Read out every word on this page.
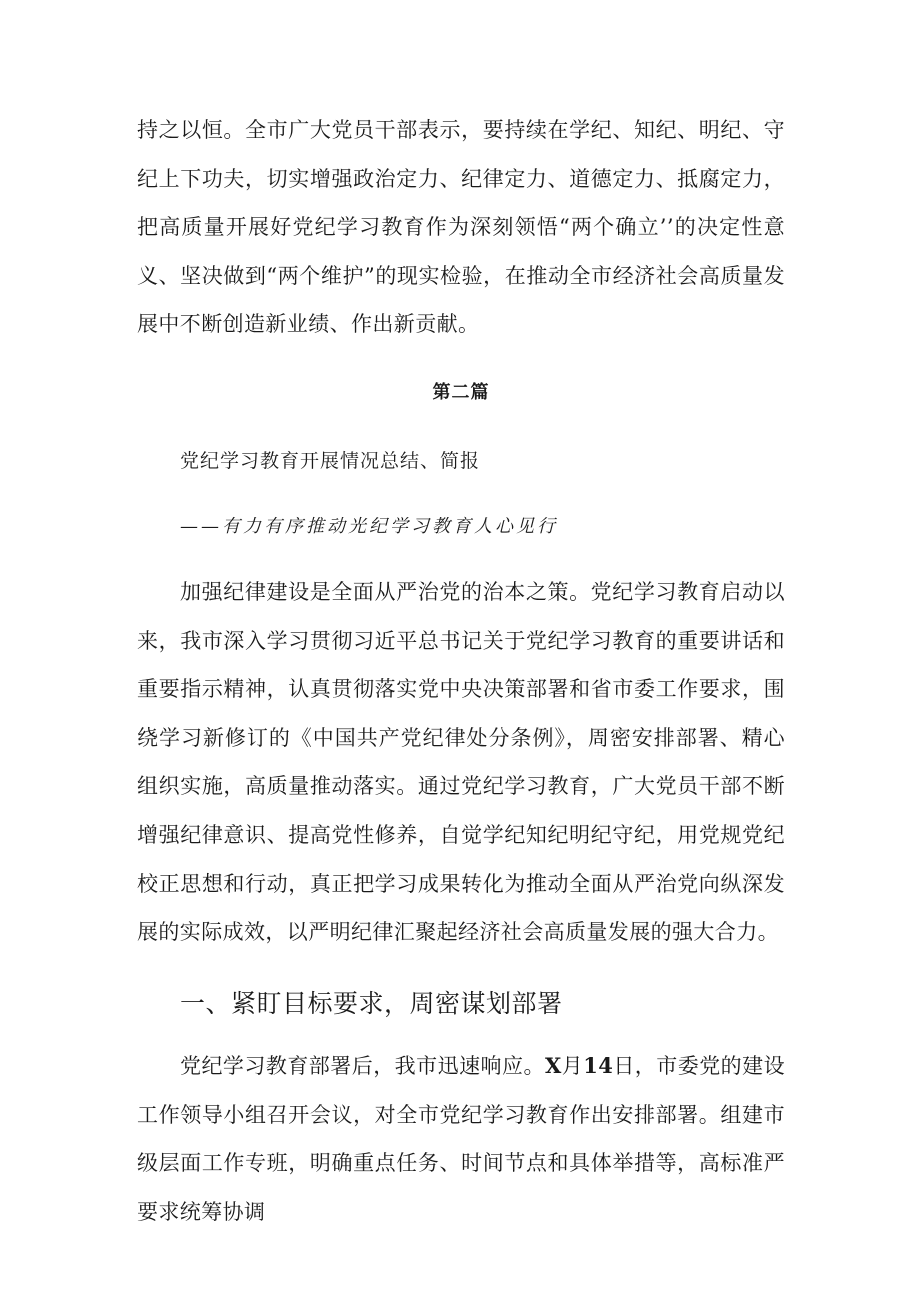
持之以恒。全市广大党员干部表示，要持续在学纪、知纪、明纪、守纪上下功夫，切实增强政治定力、纪律定力、道德定力、抵腐定力，把高质量开展好党纪学习教育作为深刻领悟“两个确立’’的决定性意义、坚决做到“两个维护”的现实检验，在推动全市经济社会高质量发展中不断创造新业绩、作出新贡献。

第二篇

党纪学习教育开展情况总结、简报

——有力有序推动光纪学习教育人心见行

加强纪律建设是全面从严治党的治本之策。党纪学习教育启动以来，我市深入学习贯彻习近平总书记关于党纪学习教育的重要讲话和重要指示精神，认真贯彻落实党中央决策部署和省市委工作要求，围绕学习新修订的《中国共产党纪律处分条例》，周密安排部署、精心组织实施，高质量推动落实。通过党纪学习教育，广大党员干部不断增强纪律意识、提高党性修养，自觉学纪知纪明纪守纪，用党规党纪校正思想和行动，真正把学习成果转化为推动全面从严治党向纵深发展的实际成效，以严明纪律汇聚起经济社会高质量发展的强大合力。

一、紧盯目标要求，周密谋划部署

党纪学习教育部署后，我市迅速响应。X月14日，市委党的建设工作领导小组召开会议，对全市党纪学习教育作出安排部署。组建市级层面工作专班，明确重点任务、时间节点和具体举措等，高标准严要求统筹协调
